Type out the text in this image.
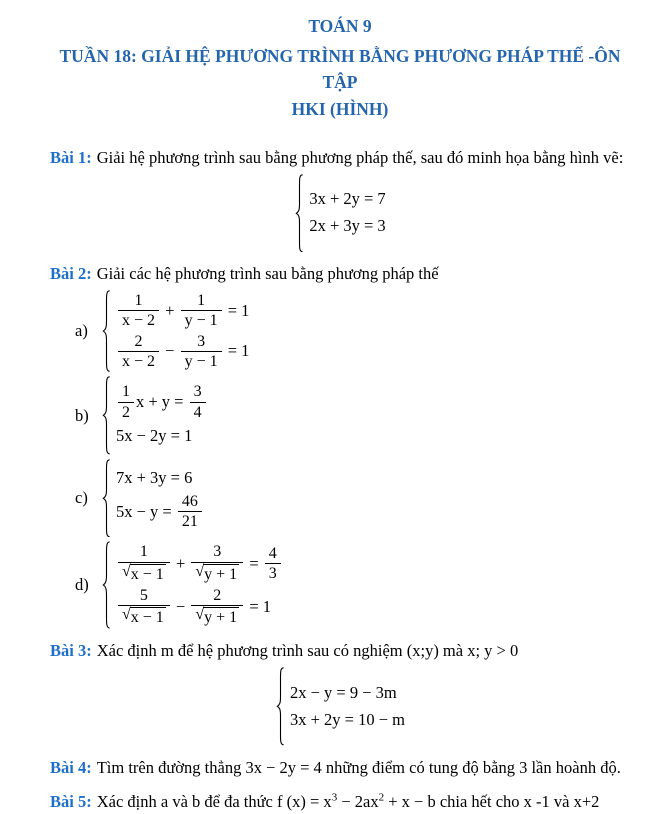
TOÁN 9
TUẦN 18: GIẢI HỆ PHƯƠNG TRÌNH BẰNG PHƯƠNG PHÁP THẾ -ÔN TẬP
HKI (HÌNH)

Bài 1: Giải hệ phương trình sau bằng phương pháp thế, sau đó minh họa bằng hình vẽ:

3x + 2y = 7
2x + 3y = 3

Bài 2: Giải các hệ phương trình sau bằng phương pháp thế

a)
$\frac{1}{x - 2} + \frac{1}{y - 1} = 1$
$\frac{2}{x - 2} - \frac{3}{y - 1} = 1$
b)	$\frac{1}{2}$ $x + y = \frac{3}{4}$
5x − 2y = 1
c)
7x + 3y = 6
$5x - y = \frac{46}{21}$
d)
$\frac{1}{√ x - 1} + \frac{3}{√ y + 1} = \frac{4}{3}$
$\frac{5}{√ x - 1} - \frac{2}{√ y + 1} = 1$

Bài 3: Xác định m để hệ phương trình sau có nghiệm (x;y) mà x; y > 0

2x − y = 9 − 3m
3x + 2y = 10 − m

Bài 4: Tìm trên đường thẳng 3x − 2y = 4 những điểm có tung độ bằng 3 lần hoành độ.

Bài 5: Xác định a và b để đa thức f $(x) = x^3 - 2ax^2 + x - b$ chia hết cho x -1 và x+2
